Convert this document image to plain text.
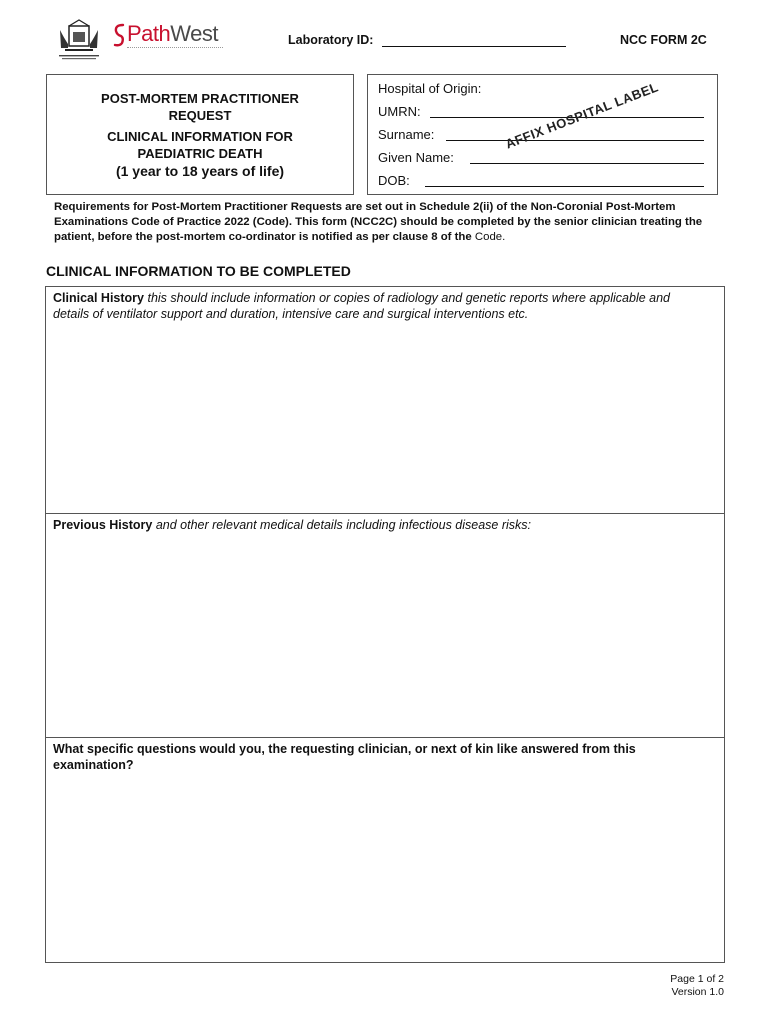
PathWest	Laboratory ID:	NCC FORM 2C
POST-MORTEM PRACTITIONER
REQUEST
CLINICAL INFORMATION FOR
PAEDIATRIC DEATH
(1 year to 18 years of life)
Hospital of Origin:
UMRN:
Surname:
Given Name:
DOB:
AFFIX HOSPITAL LABEL
Requirements for Post-Mortem Practitioner Requests are set out in Schedule 2(ii) of the Non-Coronial Post-Mortem Examinations Code of Practice 2022 (Code). This form (NCC2C) should be completed by the senior clinician treating the patient, before the post-mortem co-ordinator is notified as per clause 8 of the Code.
CLINICAL INFORMATION TO BE COMPLETED
Clinical History this should include information or copies of radiology and genetic reports where applicable and details of ventilator support and duration, intensive care and surgical interventions etc.
Previous History and other relevant medical details including infectious disease risks:
What specific questions would you, the requesting clinician, or next of kin like answered from this examination?
Page 1 of 2
Version 1.0
